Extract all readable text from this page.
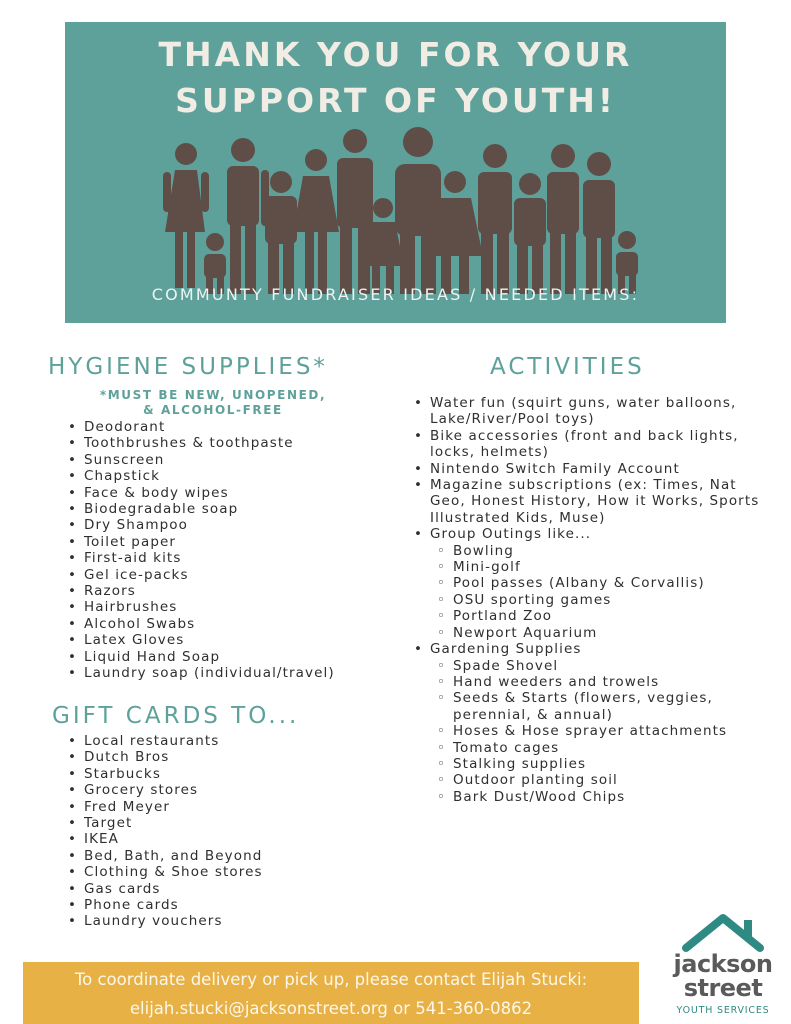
THANK YOU FOR YOUR
SUPPORT OF YOUTH!
COMMUNTY FUNDRAISER IDEAS / NEEDED ITEMS:
HYGIENE SUPPLIES*
*MUST BE NEW, UNOPENED,
& ALCOHOL-FREE
• Deodorant
• Toothbrushes & toothpaste
• Sunscreen
• Chapstick
• Face & body wipes
• Biodegradable soap
• Dry Shampoo
• Toilet paper
• First-aid kits
• Gel ice-packs
• Razors
• Hairbrushes
• Alcohol Swabs
• Latex Gloves
• Liquid Hand Soap
• Laundry soap (individual/travel)
GIFT CARDS TO...
• Local restaurants
• Dutch Bros
• Starbucks
• Grocery stores
• Fred Meyer
• Target
• IKEA
• Bed, Bath, and Beyond
• Clothing & Shoe stores
• Gas cards
• Phone cards
• Laundry vouchers
ACTIVITIES
• Water fun (squirt guns, water balloons, Lake/River/Pool toys)
• Bike accessories (front and back lights, locks, helmets)
• Nintendo Switch Family Account
• Magazine subscriptions (ex: Times, Nat Geo, Honest History, How it Works, Sports Illustrated Kids, Muse)
• Group Outings like...
◦ Bowling
◦ Mini-golf
◦ Pool passes (Albany & Corvallis)
◦ OSU sporting games
◦ Portland Zoo
◦ Newport Aquarium
• Gardening Supplies
◦ Spade Shovel
◦ Hand weeders and trowels
◦ Seeds & Starts (flowers, veggies, perennial, & annual)
◦ Hoses & Hose sprayer attachments
◦ Tomato cages
◦ Stalking supplies
◦ Outdoor planting soil
◦ Bark Dust/Wood Chips
To coordinate delivery or pick up, please contact Elijah Stucki:
elijah.stucki@jacksonstreet.org or 541-360-0862
jackson
street
YOUTH SERVICES
